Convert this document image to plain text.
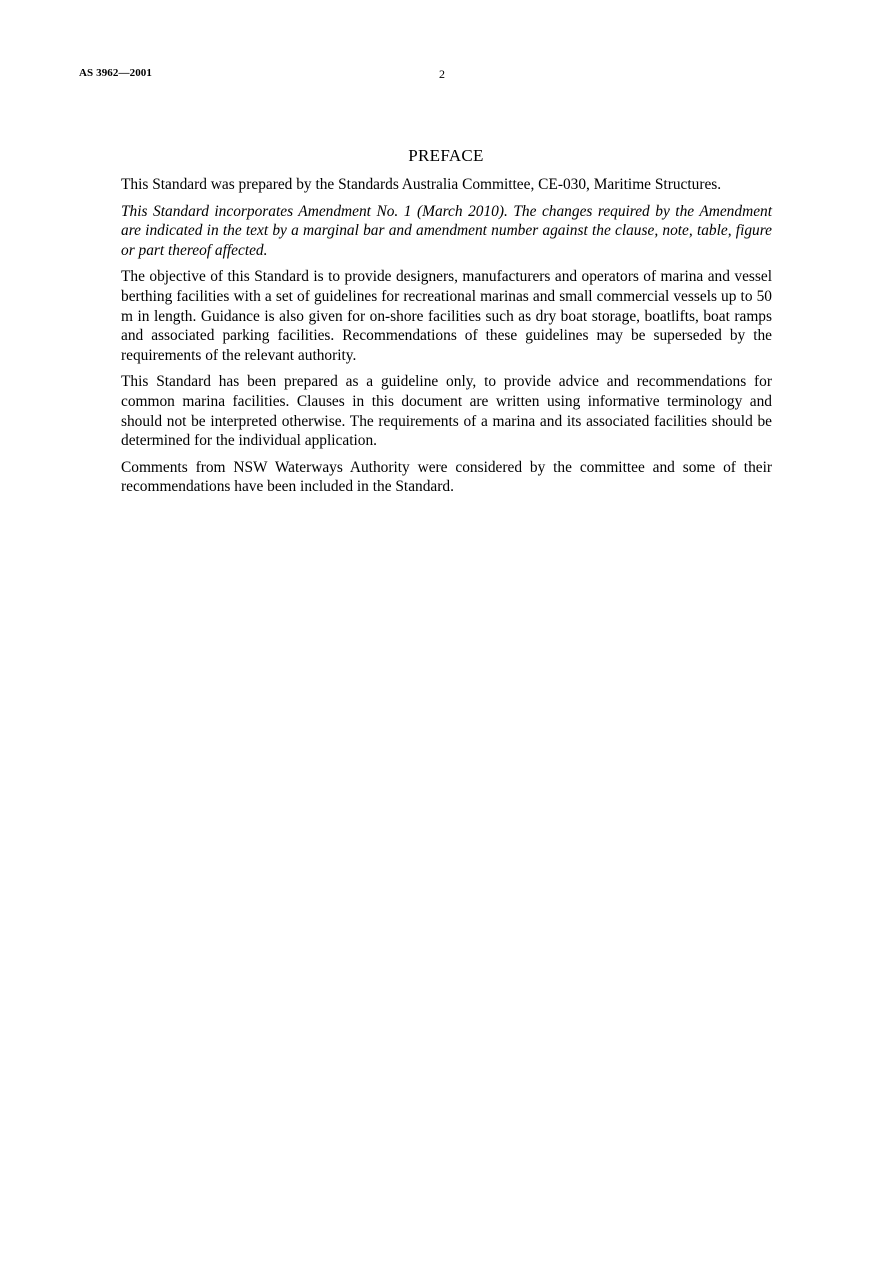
AS 3962—2001	2
PREFACE

This Standard was prepared by the Standards Australia Committee, CE-030, Maritime Structures.

This Standard incorporates Amendment No. 1 (March 2010). The changes required by the Amendment are indicated in the text by a marginal bar and amendment number against the clause, note, table, figure or part thereof affected.

The objective of this Standard is to provide designers, manufacturers and operators of marina and vessel berthing facilities with a set of guidelines for recreational marinas and small commercial vessels up to 50 m in length. Guidance is also given for on-shore facilities such as dry boat storage, boatlifts, boat ramps and associated parking facilities. Recommendations of these guidelines may be superseded by the requirements of the relevant authority.

This Standard has been prepared as a guideline only, to provide advice and recommendations for common marina facilities. Clauses in this document are written using informative terminology and should not be interpreted otherwise. The requirements of a marina and its associated facilities should be determined for the individual application.

Comments from NSW Waterways Authority were considered by the committee and some of their recommendations have been included in the Standard.
